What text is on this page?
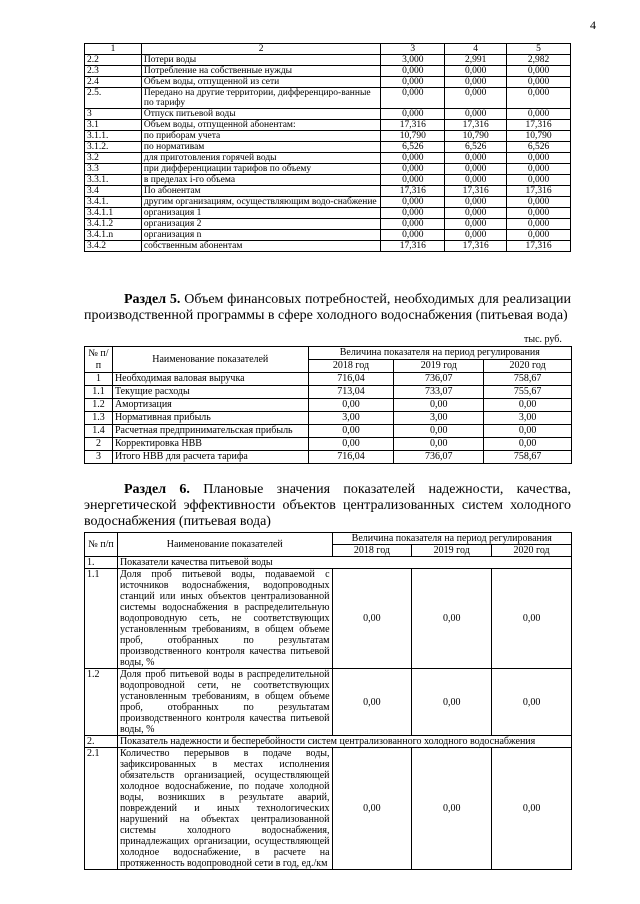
4
1	2	3	4	5
2.2	Потери воды	3,000	2,991	2,982
2.3	Потребление на собственные нужды	0,000	0,000	0,000
2.4	Объем воды, отпущенной из сети	0,000	0,000	0,000
2.5.	Передано на другие территории, дифференциро-ванные по тарифу	0,000	0,000	0,000
3	Отпуск питьевой воды	0,000	0,000	0,000
3.1	Объем воды, отпущенной абонентам:	17,316	17,316	17,316
3.1.1.	по приборам учета	10,790	10,790	10,790
3.1.2.	по нормативам	6,526	6,526	6,526
3.2	для приготовления горячей воды	0,000	0,000	0,000
3.3	при дифференциации тарифов по объему	0,000	0,000	0,000
3.3.1.	в пределах i-го объема	0,000	0,000	0,000
3.4	По абонентам	17,316	17,316	17,316
3.4.1.	другим организациям, осуществляющим водо-снабжение	0,000	0,000	0,000
3.4.1.1	организация 1	0,000	0,000	0,000
3.4.1.2	организация 2	0,000	0,000	0,000
3.4.1.n	организация n	0,000	0,000	0,000
3.4.2	собственным абонентам	17,316	17,316	17,316
Раздел 5. Объем финансовых потребностей, необходимых для реализации производственной программы в сфере холодного водоснабжения (питьевая вода)
тыс. руб.
№ п/п	Наименование показателей	Величина показателя на период регулирования		
		2018 год	2019 год	2020 год
1	Необходимая валовая выручка	716,04	736,07	758,67
1.1	Текущие расходы	713,04	733,07	755,67
1.2	Амортизация	0,00	0,00	0,00
1.3	Нормативная прибыль	3,00	3,00	3,00
1.4	Расчетная предпринимательская прибыль	0,00	0,00	0,00
2	Корректировка НВВ	0,00	0,00	0,00
3	Итого НВВ для расчета тарифа	716,04	736,07	758,67
Раздел 6. Плановые значения показателей надежности, качества, энергетической эффективности объектов централизованных систем холодного водоснабжения (питьевая вода)
№ п/п	Наименование показателей	Величина показателя на период регулирования		
		2018 год	2019 год	2020 год
1.	Показатели качества питьевой воды			
1.1	Доля проб питьевой воды, подаваемой с источников водоснабжения, водопроводных станций или иных объектов централизованной системы водоснабжения в распределительную водопроводную сеть, не соответствующих установленным требованиям, в общем объеме проб, отобранных по результатам производственного контроля качества питьевой воды, %	0,00	0,00	0,00
1.2	Доля проб питьевой воды в распределительной водопроводной сети, не соответствующих установленным требованиям, в общем объеме проб, отобранных по результатам производственного контроля качества питьевой воды, %	0,00	0,00	0,00
2.	Показатель надежности и бесперебойности систем централизованного холодного водоснабжения			
2.1	Количество перерывов в подаче воды, зафиксированных в местах исполнения обязательств организацией, осуществляющей холодное водоснабжение, по подаче холодной воды, возникших в результате аварий, повреждений и иных технологических нарушений на объектах централизованной системы холодного водоснабжения, принадлежащих организации, осуществляющей холодное водоснабжение, в расчете на протяженность водопроводной сети в год, ед./км	0,00	0,00	0,00
